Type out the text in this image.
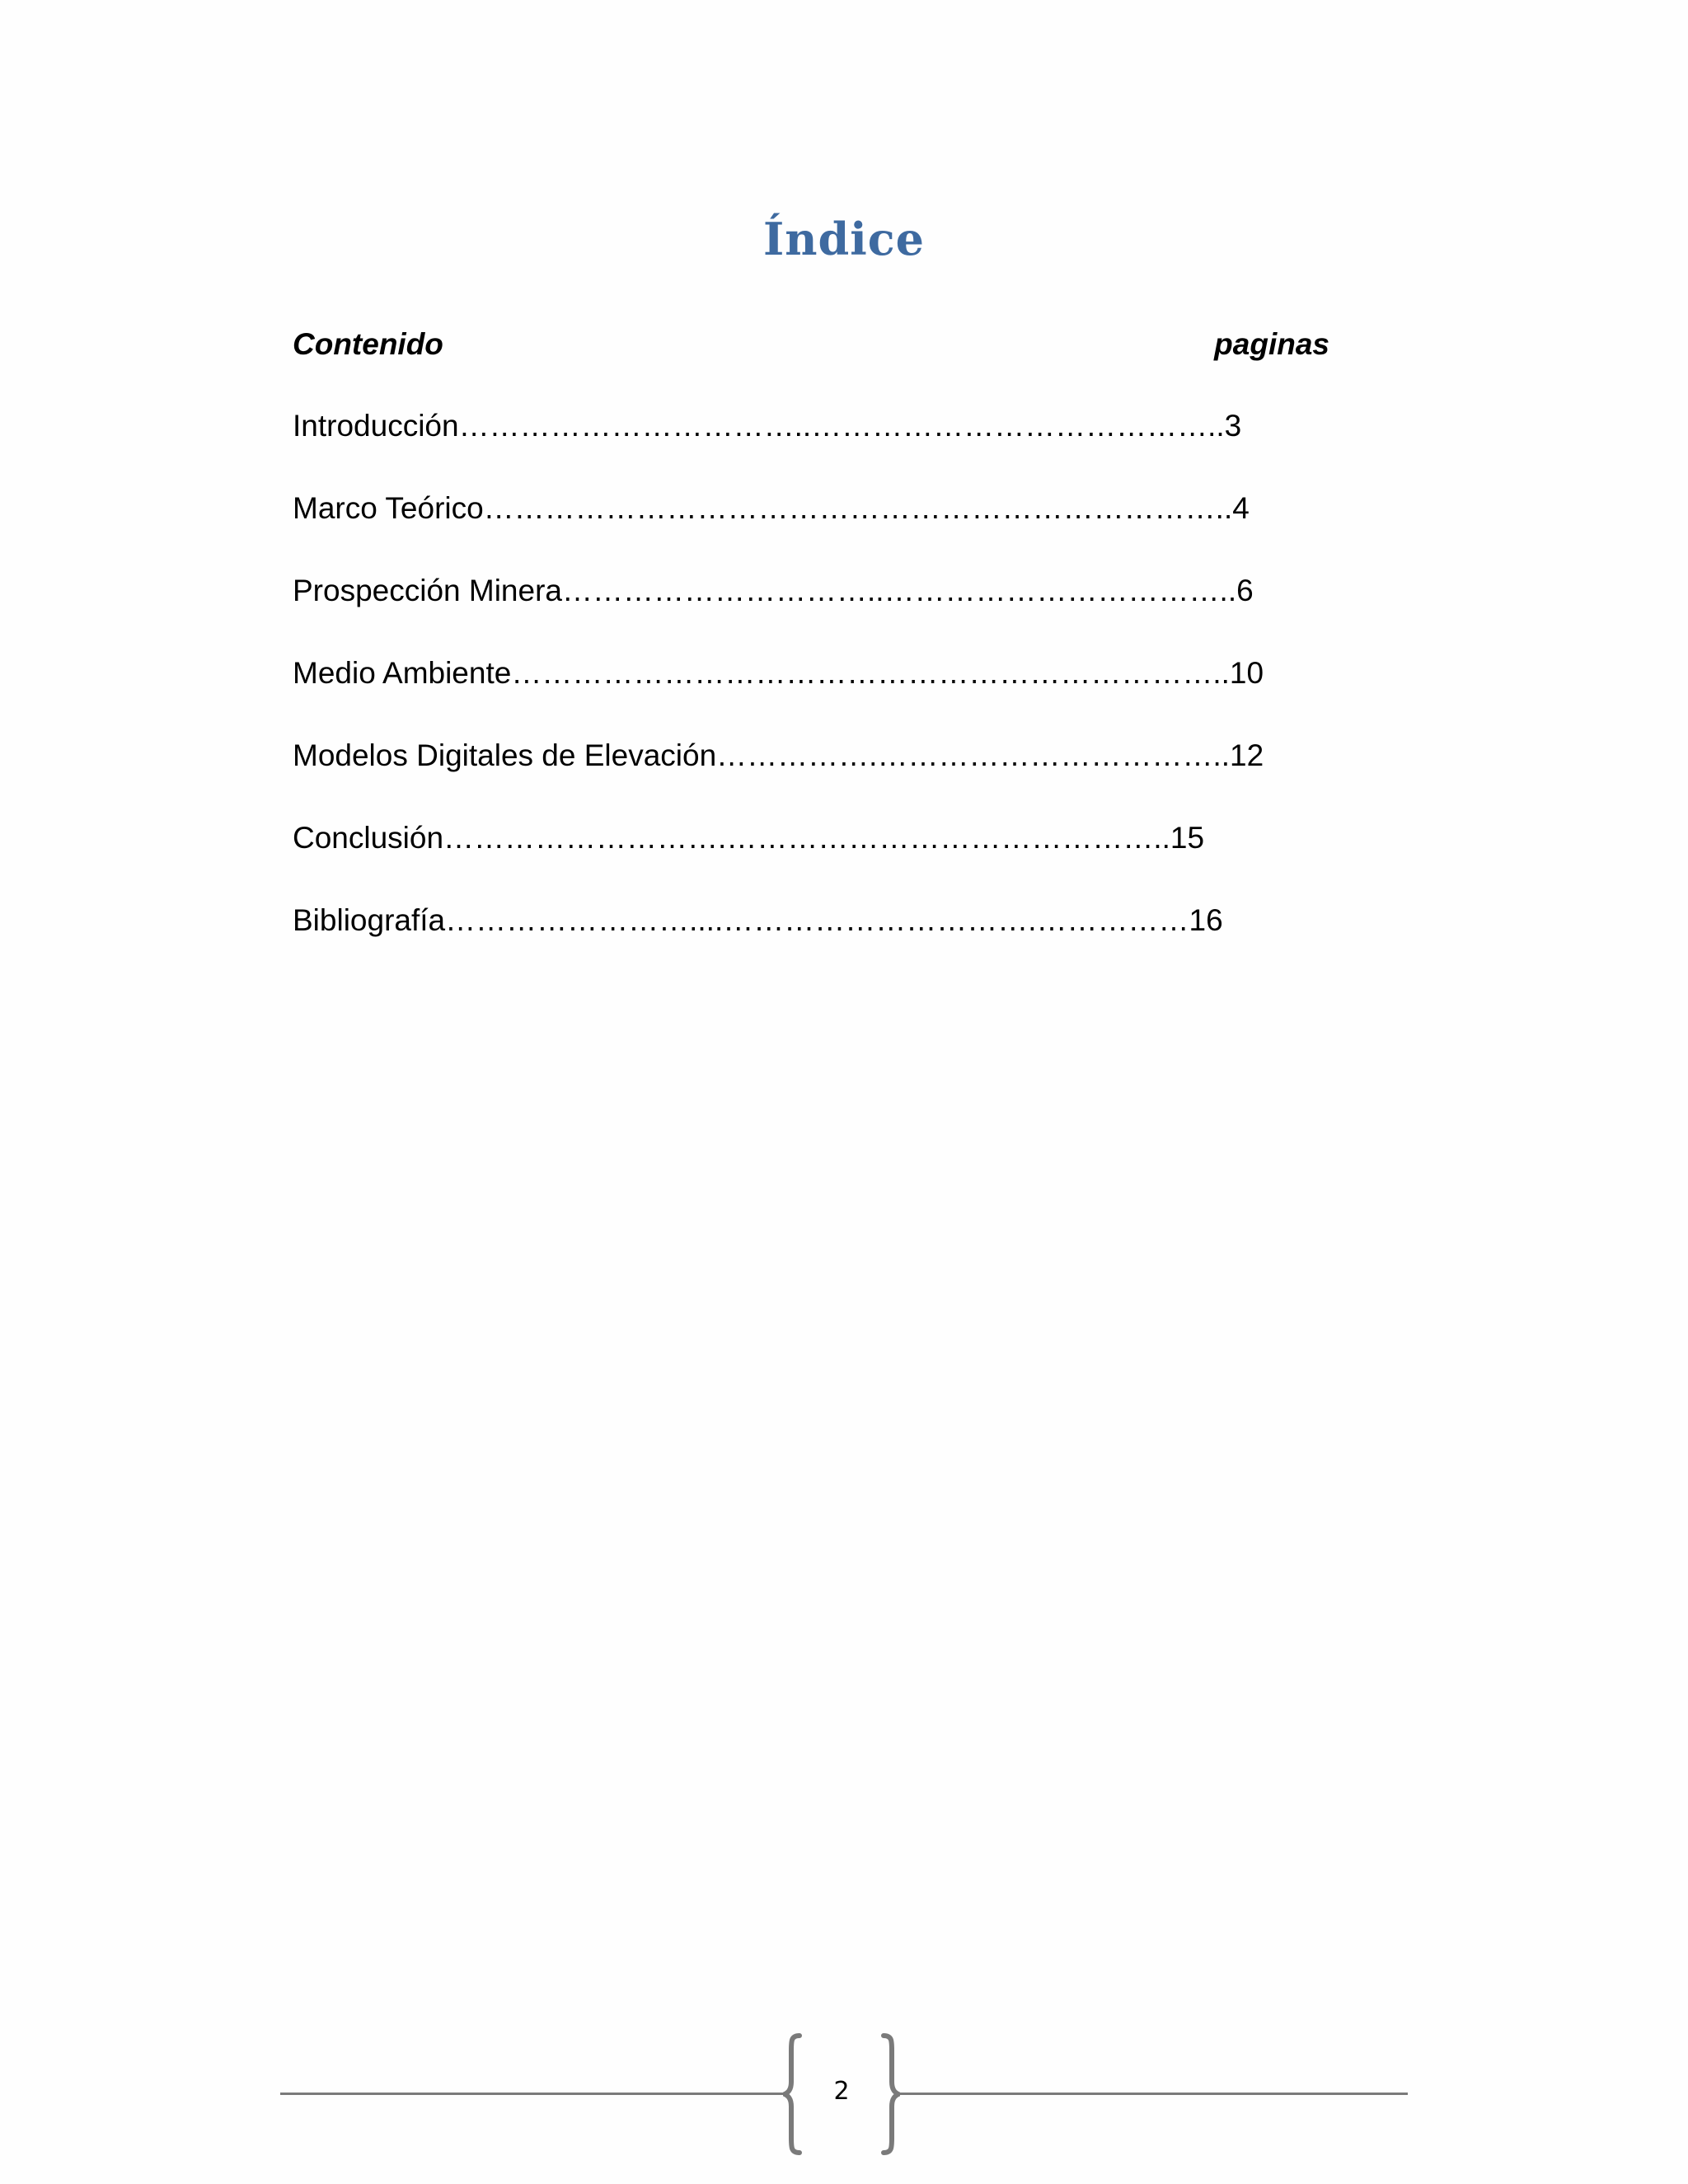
Índice
Contenido	paginas
Introducción……………………………..…………………………………..3
Marco Teórico………………………………………………………………..4
Prospección Minera…………………………..……………………………..6
Medio Ambiente……………………………………………………………..10
Modelos Digitales de Elevación…………….……………………………..12
Conclusión……………………….……………………………………..15
Bibliografía……………………....………………………….……………16
2
